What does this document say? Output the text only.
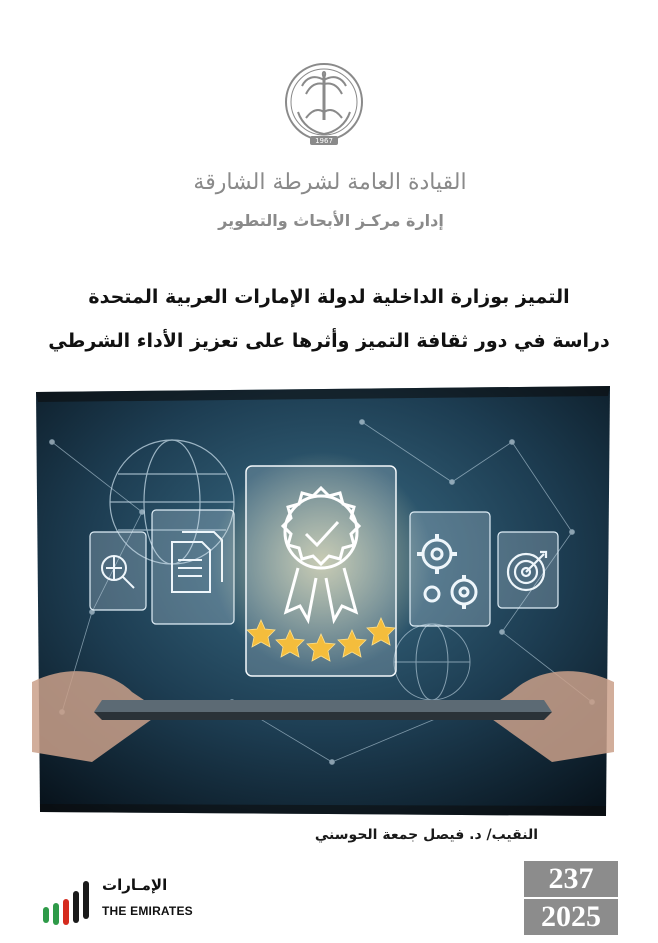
1967
القيادة العامة لشرطة الشارقة
إدارة مركـز الأبحاث والتطوير
التميز بوزارة الداخلية لدولة الإمارات العربية المتحدة
دراسة في دور ثقافة التميز وأثرها على تعزيز الأداء الشرطي
النقيب/ د. فيصل جمعة الحوسني
الإمـارات
THE EMIRATES
237
2025
